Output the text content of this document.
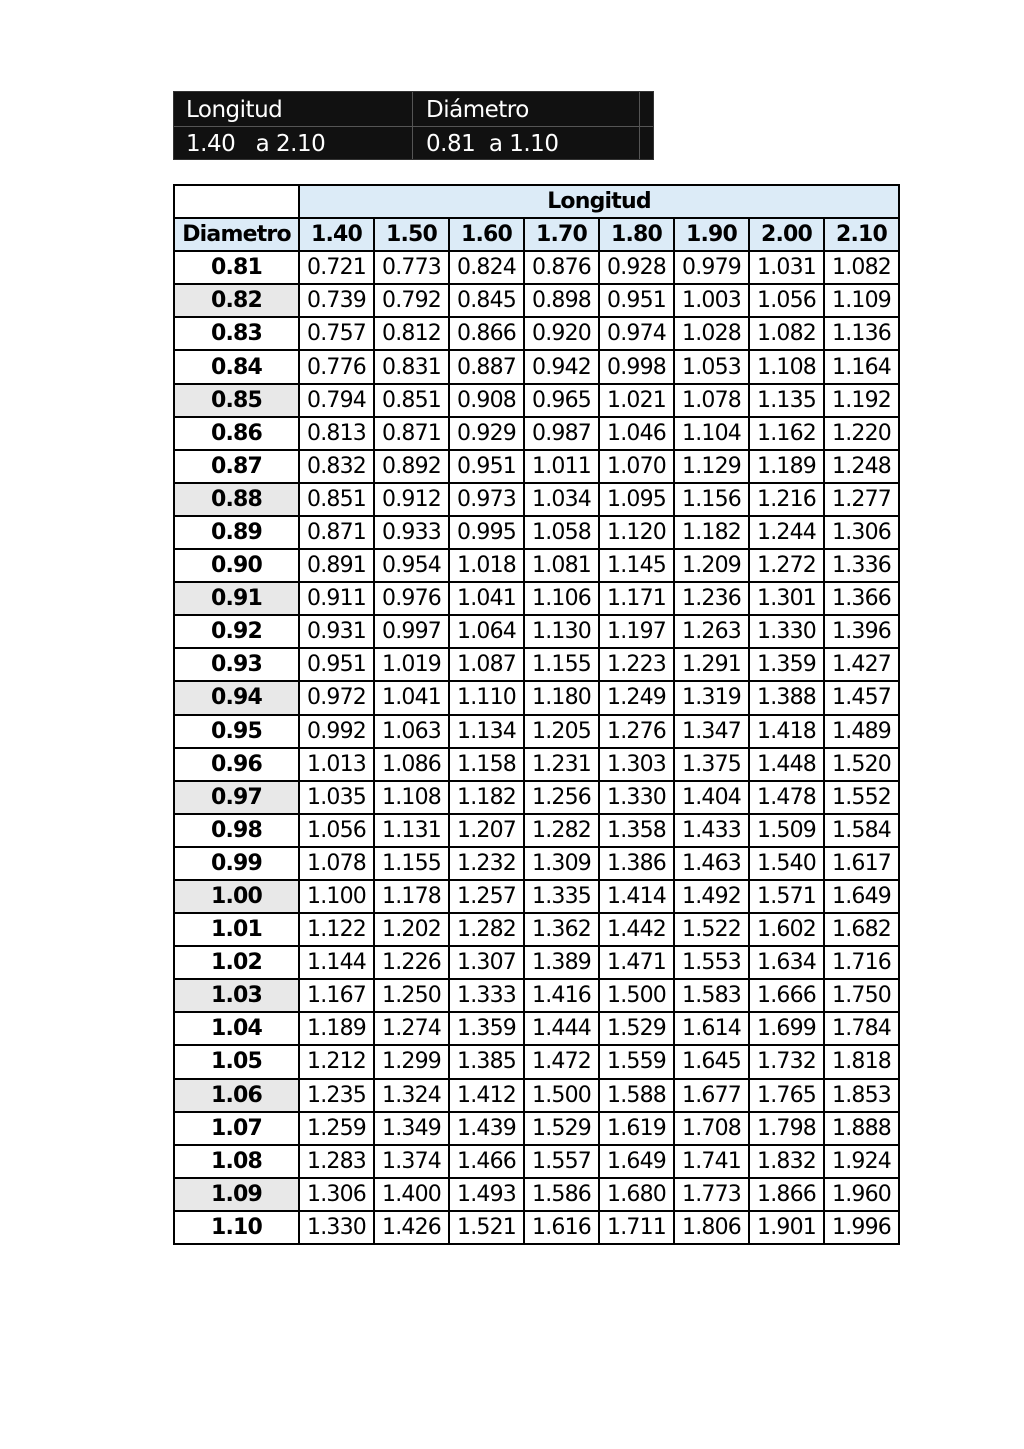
Longitud	Diámetro
1.40   a 2.10	0.81  a 1.10
	Longitud							
Diametro	1.40	1.50	1.60	1.70	1.80	1.90	2.00	2.10
0.81	0.721	0.773	0.824	0.876	0.928	0.979	1.031	1.082
0.82	0.739	0.792	0.845	0.898	0.951	1.003	1.056	1.109
0.83	0.757	0.812	0.866	0.920	0.974	1.028	1.082	1.136
0.84	0.776	0.831	0.887	0.942	0.998	1.053	1.108	1.164
0.85	0.794	0.851	0.908	0.965	1.021	1.078	1.135	1.192
0.86	0.813	0.871	0.929	0.987	1.046	1.104	1.162	1.220
0.87	0.832	0.892	0.951	1.011	1.070	1.129	1.189	1.248
0.88	0.851	0.912	0.973	1.034	1.095	1.156	1.216	1.277
0.89	0.871	0.933	0.995	1.058	1.120	1.182	1.244	1.306
0.90	0.891	0.954	1.018	1.081	1.145	1.209	1.272	1.336
0.91	0.911	0.976	1.041	1.106	1.171	1.236	1.301	1.366
0.92	0.931	0.997	1.064	1.130	1.197	1.263	1.330	1.396
0.93	0.951	1.019	1.087	1.155	1.223	1.291	1.359	1.427
0.94	0.972	1.041	1.110	1.180	1.249	1.319	1.388	1.457
0.95	0.992	1.063	1.134	1.205	1.276	1.347	1.418	1.489
0.96	1.013	1.086	1.158	1.231	1.303	1.375	1.448	1.520
0.97	1.035	1.108	1.182	1.256	1.330	1.404	1.478	1.552
0.98	1.056	1.131	1.207	1.282	1.358	1.433	1.509	1.584
0.99	1.078	1.155	1.232	1.309	1.386	1.463	1.540	1.617
1.00	1.100	1.178	1.257	1.335	1.414	1.492	1.571	1.649
1.01	1.122	1.202	1.282	1.362	1.442	1.522	1.602	1.682
1.02	1.144	1.226	1.307	1.389	1.471	1.553	1.634	1.716
1.03	1.167	1.250	1.333	1.416	1.500	1.583	1.666	1.750
1.04	1.189	1.274	1.359	1.444	1.529	1.614	1.699	1.784
1.05	1.212	1.299	1.385	1.472	1.559	1.645	1.732	1.818
1.06	1.235	1.324	1.412	1.500	1.588	1.677	1.765	1.853
1.07	1.259	1.349	1.439	1.529	1.619	1.708	1.798	1.888
1.08	1.283	1.374	1.466	1.557	1.649	1.741	1.832	1.924
1.09	1.306	1.400	1.493	1.586	1.680	1.773	1.866	1.960
1.10	1.330	1.426	1.521	1.616	1.711	1.806	1.901	1.996
